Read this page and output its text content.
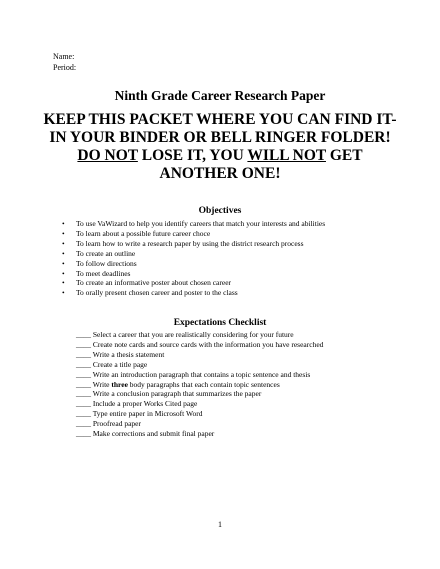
Name:
Period:
Ninth Grade Career Research Paper
KEEP THIS PACKET WHERE YOU CAN FIND IT-
IN YOUR BINDER OR BELL RINGER FOLDER!
DO NOT LOSE IT, YOU WILL NOT GET
ANOTHER ONE!
Objectives
• To use VaWizard to help you identify careers that match your interests and abilities
• To learn about a possible future career choce
• To learn how to write a research paper by using the district research process
• To create an outline
• To follow directions
• To meet deadlines
• To create an informative poster about chosen career
• To orally present chosen career and poster to the class
Expectations Checklist
____ Select a career that you are realistically considering for your future
____ Create note cards and source cards with the information you have researched
____ Write a thesis statement
____ Create a title page
____ Write an introduction paragraph that contains a topic sentence and thesis
____ Write three body paragraphs that each contain topic sentences
____ Write a conclusion paragraph that summarizes the paper
____ Include a proper Works Cited page
____ Type entire paper in Microsoft Word
____ Proofread paper
____ Make corrections and submit final paper
1
